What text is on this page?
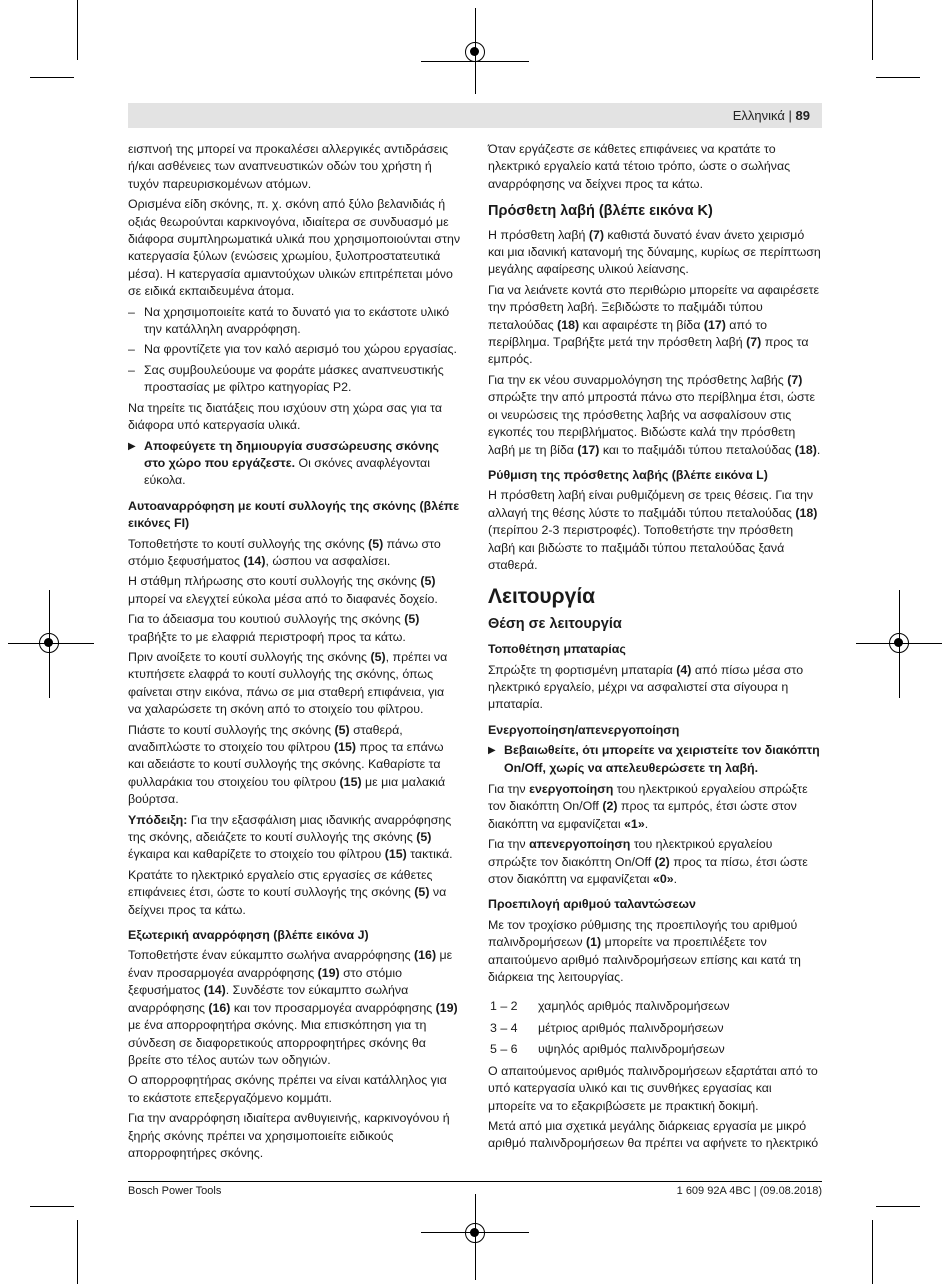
Ελληνικά | 89

εισπνοή της μπορεί να προκαλέσει αλλεργικές αντιδράσεις ή/και ασθένειες των αναπνευστικών οδών του χρήστη ή τυχόν παρευρισκομένων ατόμων.

Ορισμένα είδη σκόνης, π. χ. σκόνη από ξύλο βελανιδιάς ή οξιάς θεωρούνται καρκινογόνα, ιδιαίτερα σε συνδυασμό με διάφορα συμπληρωματικά υλικά που χρησιμοποιούνται στην κατεργασία ξύλων (ενώσεις χρωμίου, ξυλοπροστατευτικά μέσα). Η κατεργασία αμιαντούχων υλικών επιτρέπεται μόνο σε ειδικά εκπαιδευμένα άτομα.

– Να χρησιμοποιείτε κατά το δυνατό για το εκάστοτε υλικό την κατάλληλη αναρρόφηση.
– Να φροντίζετε για τον καλό αερισμό του χώρου εργασίας.
– Σας συμβουλεύουμε να φοράτε μάσκες αναπνευστικής προστασίας με φίλτρο κατηγορίας P2.

Να τηρείτε τις διατάξεις που ισχύουν στη χώρα σας για τα διάφορα υπό κατεργασία υλικά.

▶ Αποφεύγετε τη δημιουργία συσσώρευσης σκόνης στο χώρο που εργάζεστε. Οι σκόνες αναφλέγονται εύκολα.
Αυτοαναρρόφηση με κουτί συλλογής της σκόνης (βλέπε εικόνες FI)

Τοποθετήστε το κουτί συλλογής της σκόνης (5) πάνω στο στόμιο ξεφυσήματος (14), ώσπου να ασφαλίσει.

Η στάθμη πλήρωσης στο κουτί συλλογής της σκόνης (5) μπορεί να ελεγχτεί εύκολα μέσα από το διαφανές δοχείο.

Για το άδειασμα του κουτιού συλλογής της σκόνης (5) τραβήξτε το με ελαφριά περιστροφή προς τα κάτω.

Πριν ανοίξετε το κουτί συλλογής της σκόνης (5), πρέπει να κτυπήσετε ελαφρά το κουτί συλλογής της σκόνης, όπως φαίνεται στην εικόνα, πάνω σε μια σταθερή επιφάνεια, για να χαλαρώσετε τη σκόνη από το στοιχείο του φίλτρου.

Πιάστε το κουτί συλλογής της σκόνης (5) σταθερά, αναδιπλώστε το στοιχείο του φίλτρου (15) προς τα επάνω και αδειάστε το κουτί συλλογής της σκόνης. Καθαρίστε τα φυλλαράκια του στοιχείου του φίλτρου (15) με μια μαλακιά βούρτσα.

Υπόδειξη: Για την εξασφάλιση μιας ιδανικής αναρρόφησης της σκόνης, αδειάζετε το κουτί συλλογής της σκόνης (5) έγκαιρα και καθαρίζετε το στοιχείο του φίλτρου (15) τακτικά.

Κρατάτε το ηλεκτρικό εργαλείο στις εργασίες σε κάθετες επιφάνειες έτσι, ώστε το κουτί συλλογής της σκόνης (5) να δείχνει προς τα κάτω.

Εξωτερική αναρρόφηση (βλέπε εικόνα J)

Τοποθετήστε έναν εύκαμπτο σωλήνα αναρρόφησης (16) με έναν προσαρμογέα αναρρόφησης (19) στο στόμιο ξεφυσήματος (14). Συνδέστε τον εύκαμπτο σωλήνα αναρρόφησης (16) και τον προσαρμογέα αναρρόφησης (19) με ένα απορροφητήρα σκόνης. Μια επισκόπηση για τη σύνδεση σε διαφορετικούς απορροφητήρες σκόνης θα βρείτε στο τέλος αυτών των οδηγιών.

Ο απορροφητήρας σκόνης πρέπει να είναι κατάλληλος για το εκάστοτε επεξεργαζόμενο κομμάτι.

Για την αναρρόφηση ιδιαίτερα ανθυγιεινής, καρκινογόνου ή ξηρής σκόνης πρέπει να χρησιμοποιείτε ειδικούς απορροφητήρες σκόνης.

Όταν εργάζεστε σε κάθετες επιφάνειες να κρατάτε το ηλεκτρικό εργαλείο κατά τέτοιο τρόπο, ώστε ο σωλήνας αναρρόφησης να δείχνει προς τα κάτω.

Πρόσθετη λαβή (βλέπε εικόνα K)

Η πρόσθετη λαβή (7) καθιστά δυνατό έναν άνετο χειρισμό και μια ιδανική κατανομή της δύναμης, κυρίως σε περίπτωση μεγάλης αφαίρεσης υλικού λείανσης.

Για να λειάνετε κοντά στο περιθώριο μπορείτε να αφαιρέσετε την πρόσθετη λαβή. Ξεβιδώστε το παξιμάδι τύπου πεταλούδας (18) και αφαιρέστε τη βίδα (17) από το περίβλημα. Τραβήξτε μετά την πρόσθετη λαβή (7) προς τα εμπρός.

Για την εκ νέου συναρμολόγηση της πρόσθετης λαβής (7) σπρώξτε την από μπροστά πάνω στο περίβλημα έτσι, ώστε οι νευρώσεις της πρόσθετης λαβής να ασφαλίσουν στις εγκοπές του περιβλήματος. Βιδώστε καλά την πρόσθετη λαβή με τη βίδα (17) και το παξιμάδι τύπου πεταλούδας (18).

Ρύθμιση της πρόσθετης λαβής (βλέπε εικόνα L)

Η πρόσθετη λαβή είναι ρυθμιζόμενη σε τρεις θέσεις. Για την αλλαγή της θέσης λύστε το παξιμάδι τύπου πεταλούδας (18) (περίπου 2-3 περιστροφές). Τοποθετήστε την πρόσθετη λαβή και βιδώστε το παξιμάδι τύπου πεταλούδας ξανά σταθερά.

Λειτουργία
Θέση σε λειτουργία
Τοποθέτηση μπαταρίας

Σπρώξτε τη φορτισμένη μπαταρία (4) από πίσω μέσα στο ηλεκτρικό εργαλείο, μέχρι να ασφαλιστεί στα σίγουρα η μπαταρία.

Ενεργοποίηση/απενεργοποίηση
▶ Βεβαιωθείτε, ότι μπορείτε να χειριστείτε τον διακόπτη On/Off, χωρίς να απελευθερώσετε τη λαβή.

Για την ενεργοποίηση του ηλεκτρικού εργαλείου σπρώξτε τον διακόπτη On/Off (2) προς τα εμπρός, έτσι ώστε στον διακόπτη να εμφανίζεται «1».

Για την απενεργοποίηση του ηλεκτρικού εργαλείου σπρώξτε τον διακόπτη On/Off (2) προς τα πίσω, έτσι ώστε στον διακόπτη να εμφανίζεται «0».

Προεπιλογή αριθμού ταλαντώσεων

Με τον τροχίσκο ρύθμισης της προεπιλογής του αριθμού παλινδρομήσεων (1) μπορείτε να προεπιλέξετε τον απαιτούμενο αριθμό παλινδρομήσεων επίσης και κατά τη διάρκεια της λειτουργίας.

1 – 2	χαμηλός αριθμός παλινδρομήσεων
3 – 4	μέτριος αριθμός παλινδρομήσεων
5 – 6	υψηλός αριθμός παλινδρομήσεων

Ο απαιτούμενος αριθμός παλινδρομήσεων εξαρτάται από το υπό κατεργασία υλικό και τις συνθήκες εργασίας και μπορείτε να το εξακριβώσετε με πρακτική δοκιμή.

Μετά από μια σχετικά μεγάλης διάρκειας εργασία με μικρό αριθμό παλινδρομήσεων θα πρέπει να αφήνετε το ηλεκτρικό

Bosch Power Tools	1 609 92A 4BC | (09.08.2018)
